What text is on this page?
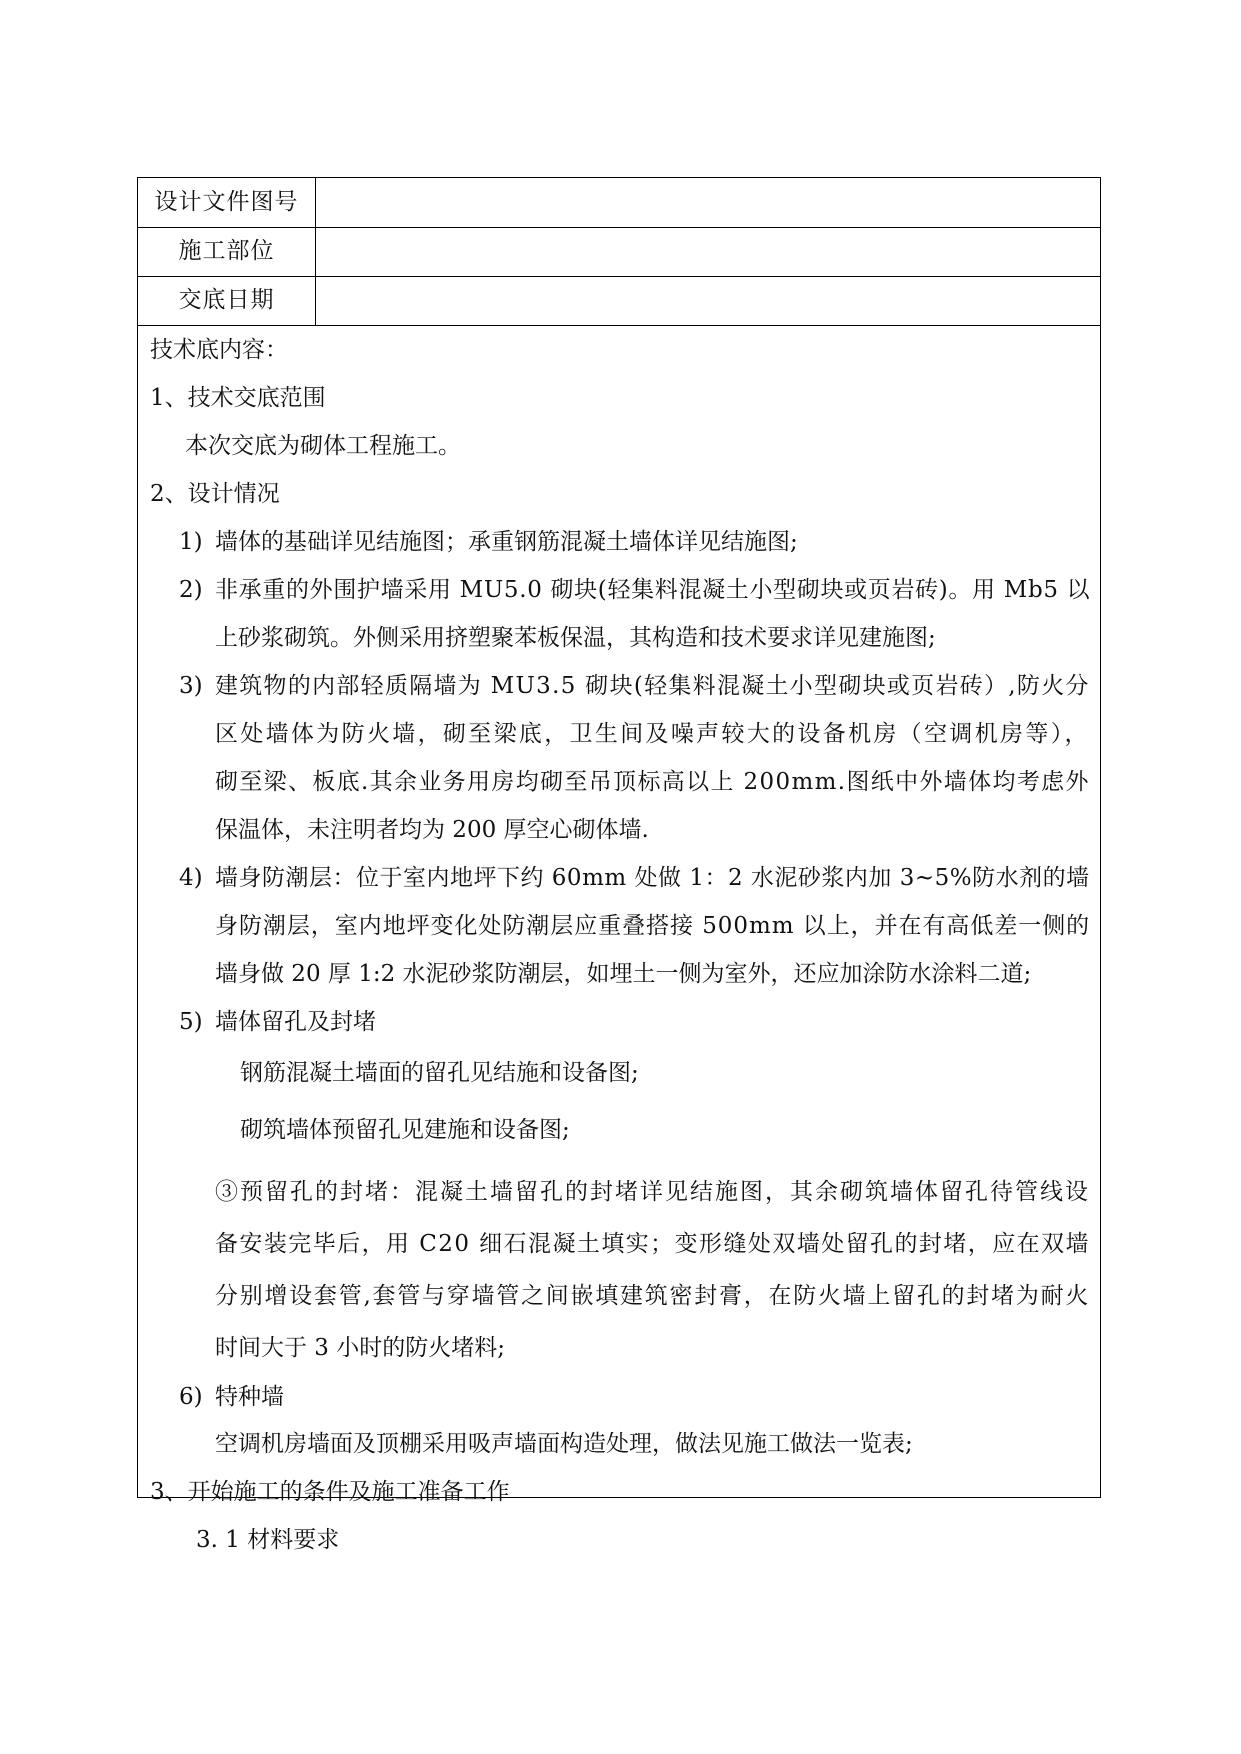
设计文件图号
施工部位
交底日期
技术底内容：
1、技术交底范围
本次交底为砌体工程施工。
2、设计情况
1) 墙体的基础详见结施图；承重钢筋混凝土墙体详见结施图;
2) 非承重的外围护墙采用 MU5.0 砌块(轻集料混凝土小型砌块或页岩砖)。用 Mb5 以
上砂浆砌筑。外侧采用挤塑聚苯板保温，其构造和技术要求详见建施图;
3) 建筑物的内部轻质隔墙为 MU3.5 砌块(轻集料混凝土小型砌块或页岩砖）,防火分
区处墙体为防火墙，砌至梁底，卫生间及噪声较大的设备机房（空调机房等），
砌至梁、板底.其余业务用房均砌至吊顶标高以上 200mm.图纸中外墙体均考虑外
保温体，未注明者均为 200 厚空心砌体墙.
4) 墙身防潮层：位于室内地坪下约 60mm 处做 1：2 水泥砂浆内加 3~5%防水剂的墙
身防潮层，室内地坪变化处防潮层应重叠搭接 500mm 以上，并在有高低差一侧的
墙身做 20 厚 1:2 水泥砂浆防潮层，如埋土一侧为室外，还应加涂防水涂料二道;
5) 墙体留孔及封堵
钢筋混凝土墙面的留孔见结施和设备图;
砌筑墙体预留孔见建施和设备图;
③预留孔的封堵：混凝土墙留孔的封堵详见结施图，其余砌筑墙体留孔待管线设
备安装完毕后，用 C20 细石混凝土填实；变形缝处双墙处留孔的封堵，应在双墙
分别增设套管,套管与穿墙管之间嵌填建筑密封膏，在防火墙上留孔的封堵为耐火
时间大于 3 小时的防火堵料;
6) 特种墙
空调机房墙面及顶棚采用吸声墙面构造处理，做法见施工做法一览表;
3、开始施工的条件及施工准备工作
3. 1 材料要求
